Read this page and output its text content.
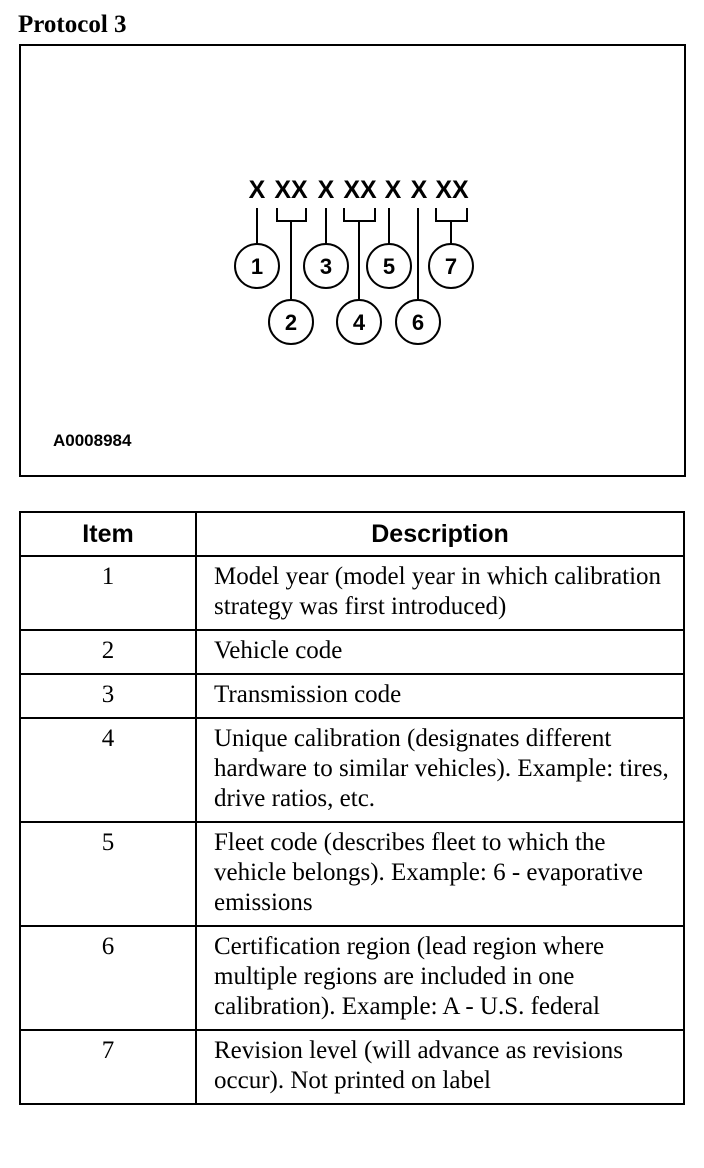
Protocol 3
X XX X XX X X XX
1
2
3
4
5
6
7
A0008984
Item	Description
1	Model year (model year in which calibration strategy was first introduced)
2	Vehicle code
3	Transmission code
4	Unique calibration (designates different hardware to similar vehicles). Example: tires, drive ratios, etc.
5	Fleet code (describes fleet to which the vehicle belongs). Example: 6 - evaporative emissions
6	Certification region (lead region where multiple regions are included in one calibration). Example: A - U.S. federal
7	Revision level (will advance as revisions occur). Not printed on label
